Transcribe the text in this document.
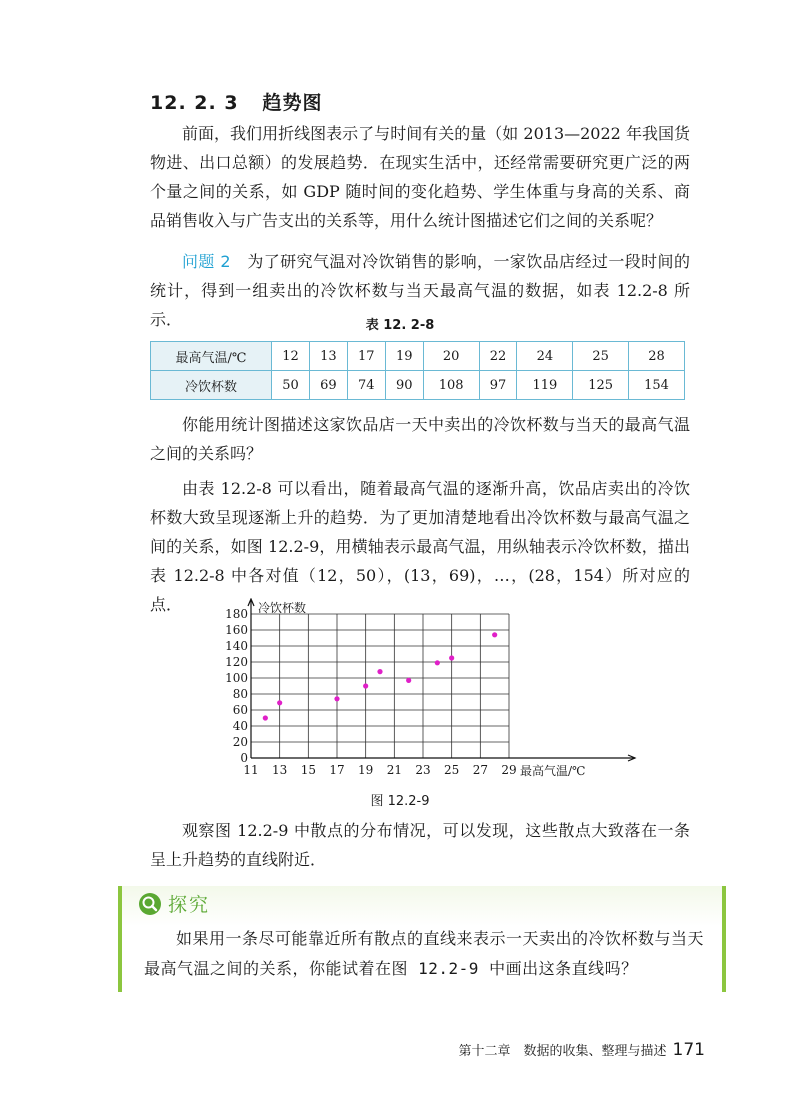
12. 2. 3 趋势图

前面，我们用折线图表示了与时间有关的量（如 2013—2022 年我国货物进、出口总额）的发展趋势．在现实生活中，还经常需要研究更广泛的两个量之间的关系，如 GDP 随时间的变化趋势、学生体重与身高的关系、商品销售收入与广告支出的关系等，用什么统计图描述它们之间的关系呢？

问题 2　 为了研究气温对冷饮销售的影响，一家饮品店经过一段时间的统计，得到一组卖出的冷饮杯数与当天最高气温的数据，如表 12.2-8 所示．	表 12. 2-8
最高气温/℃	12	13	17	19	20	22	24	25	28
冷饮杯数	50	69	74	90	108	97	119	125	154

你能用统计图描述这家饮品店一天中卖出的冷饮杯数与当天的最高气温之间的关系吗？

由表 12.2-8 可以看出，随着最高气温的逐渐升高，饮品店卖出的冷饮杯数大致呈现逐渐上升的趋势．为了更加清楚地看出冷饮杯数与最高气温之间的关系，如图 12.2-9，用横轴表示最高气温，用纵轴表示冷饮杯数，描出表 12.2-8 中各对值（12，50），(13，69)，…，(28，154）所对应的点．

0
20
40
60
80
100
120
140
160
180
11 13 15 17 19 21 23 25 27 29
冷饮杯数
最高气温/℃
图 12.2-9

观察图 12.2-9 中散点的分布情况，可以发现，这些散点大致落在一条呈上升趋势的直线附近．

探究

如果用一条尽可能靠近所有散点的直线来表示一天卖出的冷饮杯数与当天最高气温之间的关系，你能试着在图 12.2-9 中画出这条直线吗？

第十二章　数据的收集、整理与描述 171
